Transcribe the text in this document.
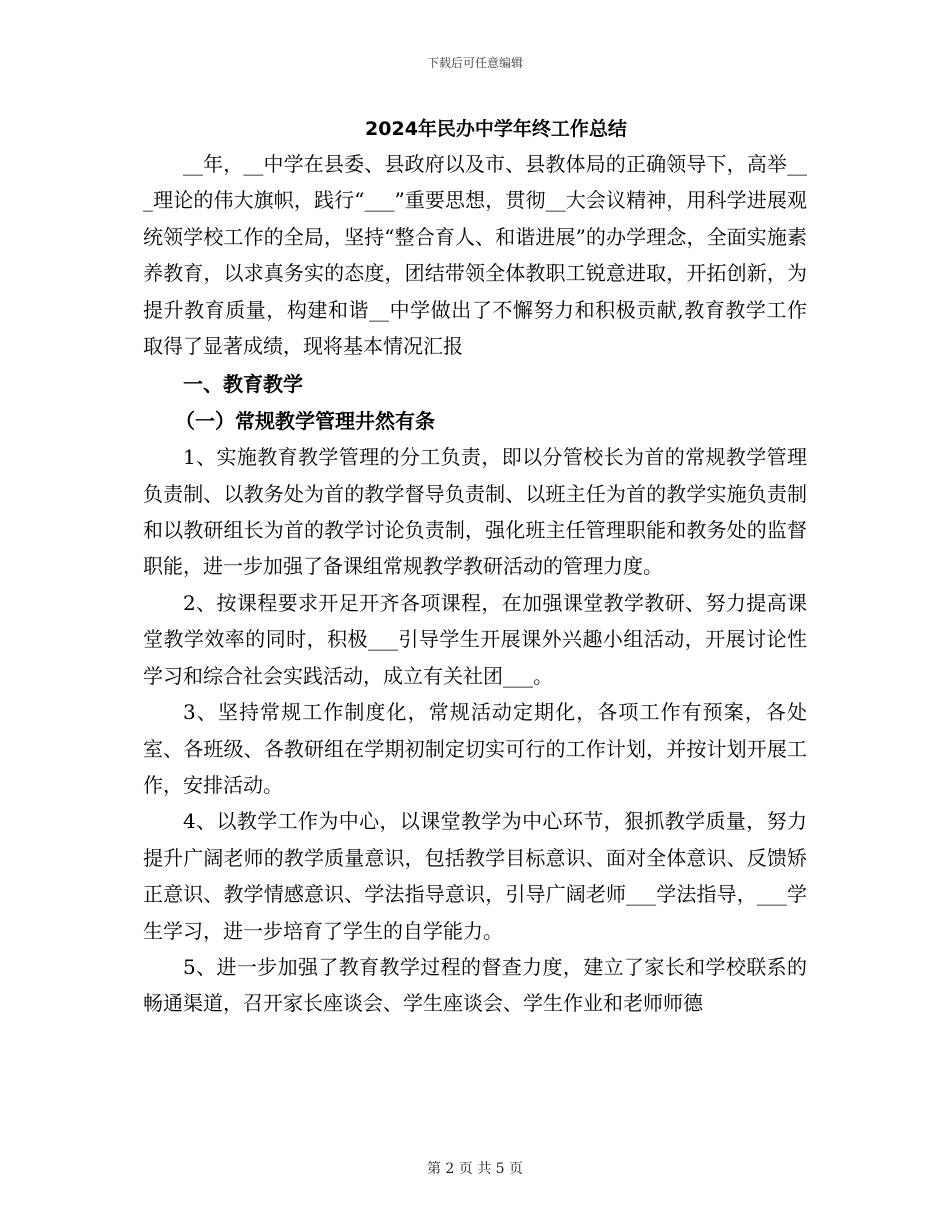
下载后可任意编辑
2024年民办中学年终工作总结

__年，__中学在县委、县政府以及市、县教体局的正确领导下，高举___理论的伟大旗帜，践行“___”重要思想，贯彻__大会议精神，用科学进展观统领学校工作的全局，坚持“整合育人、和谐进展”的办学理念，全面实施素养教育，以求真务实的态度，团结带领全体教职工锐意进取，开拓创新，为提升教育质量，构建和谐__中学做出了不懈努力和积极贡献,教育教学工作取得了显著成绩，现将基本情况汇报

一、教育教学

（一）常规教学管理井然有条

1、实施教育教学管理的分工负责，即以分管校长为首的常规教学管理负责制、以教务处为首的教学督导负责制、以班主任为首的教学实施负责制和以教研组长为首的教学讨论负责制，强化班主任管理职能和教务处的监督职能，进一步加强了备课组常规教学教研活动的管理力度。

2、按课程要求开足开齐各项课程，在加强课堂教学教研、努力提高课堂教学效率的同时，积极___引导学生开展课外兴趣小组活动，开展讨论性学习和综合社会实践活动，成立有关社团___。

3、坚持常规工作制度化，常规活动定期化，各项工作有预案，各处室、各班级、各教研组在学期初制定切实可行的工作计划，并按计划开展工作，安排活动。

4、以教学工作为中心，以课堂教学为中心环节，狠抓教学质量，努力提升广阔老师的教学质量意识，包括教学目标意识、面对全体意识、反馈矫正意识、教学情感意识、学法指导意识，引导广阔老师___学法指导，___学生学习，进一步培育了学生的自学能力。

5、进一步加强了教育教学过程的督查力度，建立了家长和学校联系的畅通渠道，召开家长座谈会、学生座谈会、学生作业和老师师德

第 2 页 共 5 页
